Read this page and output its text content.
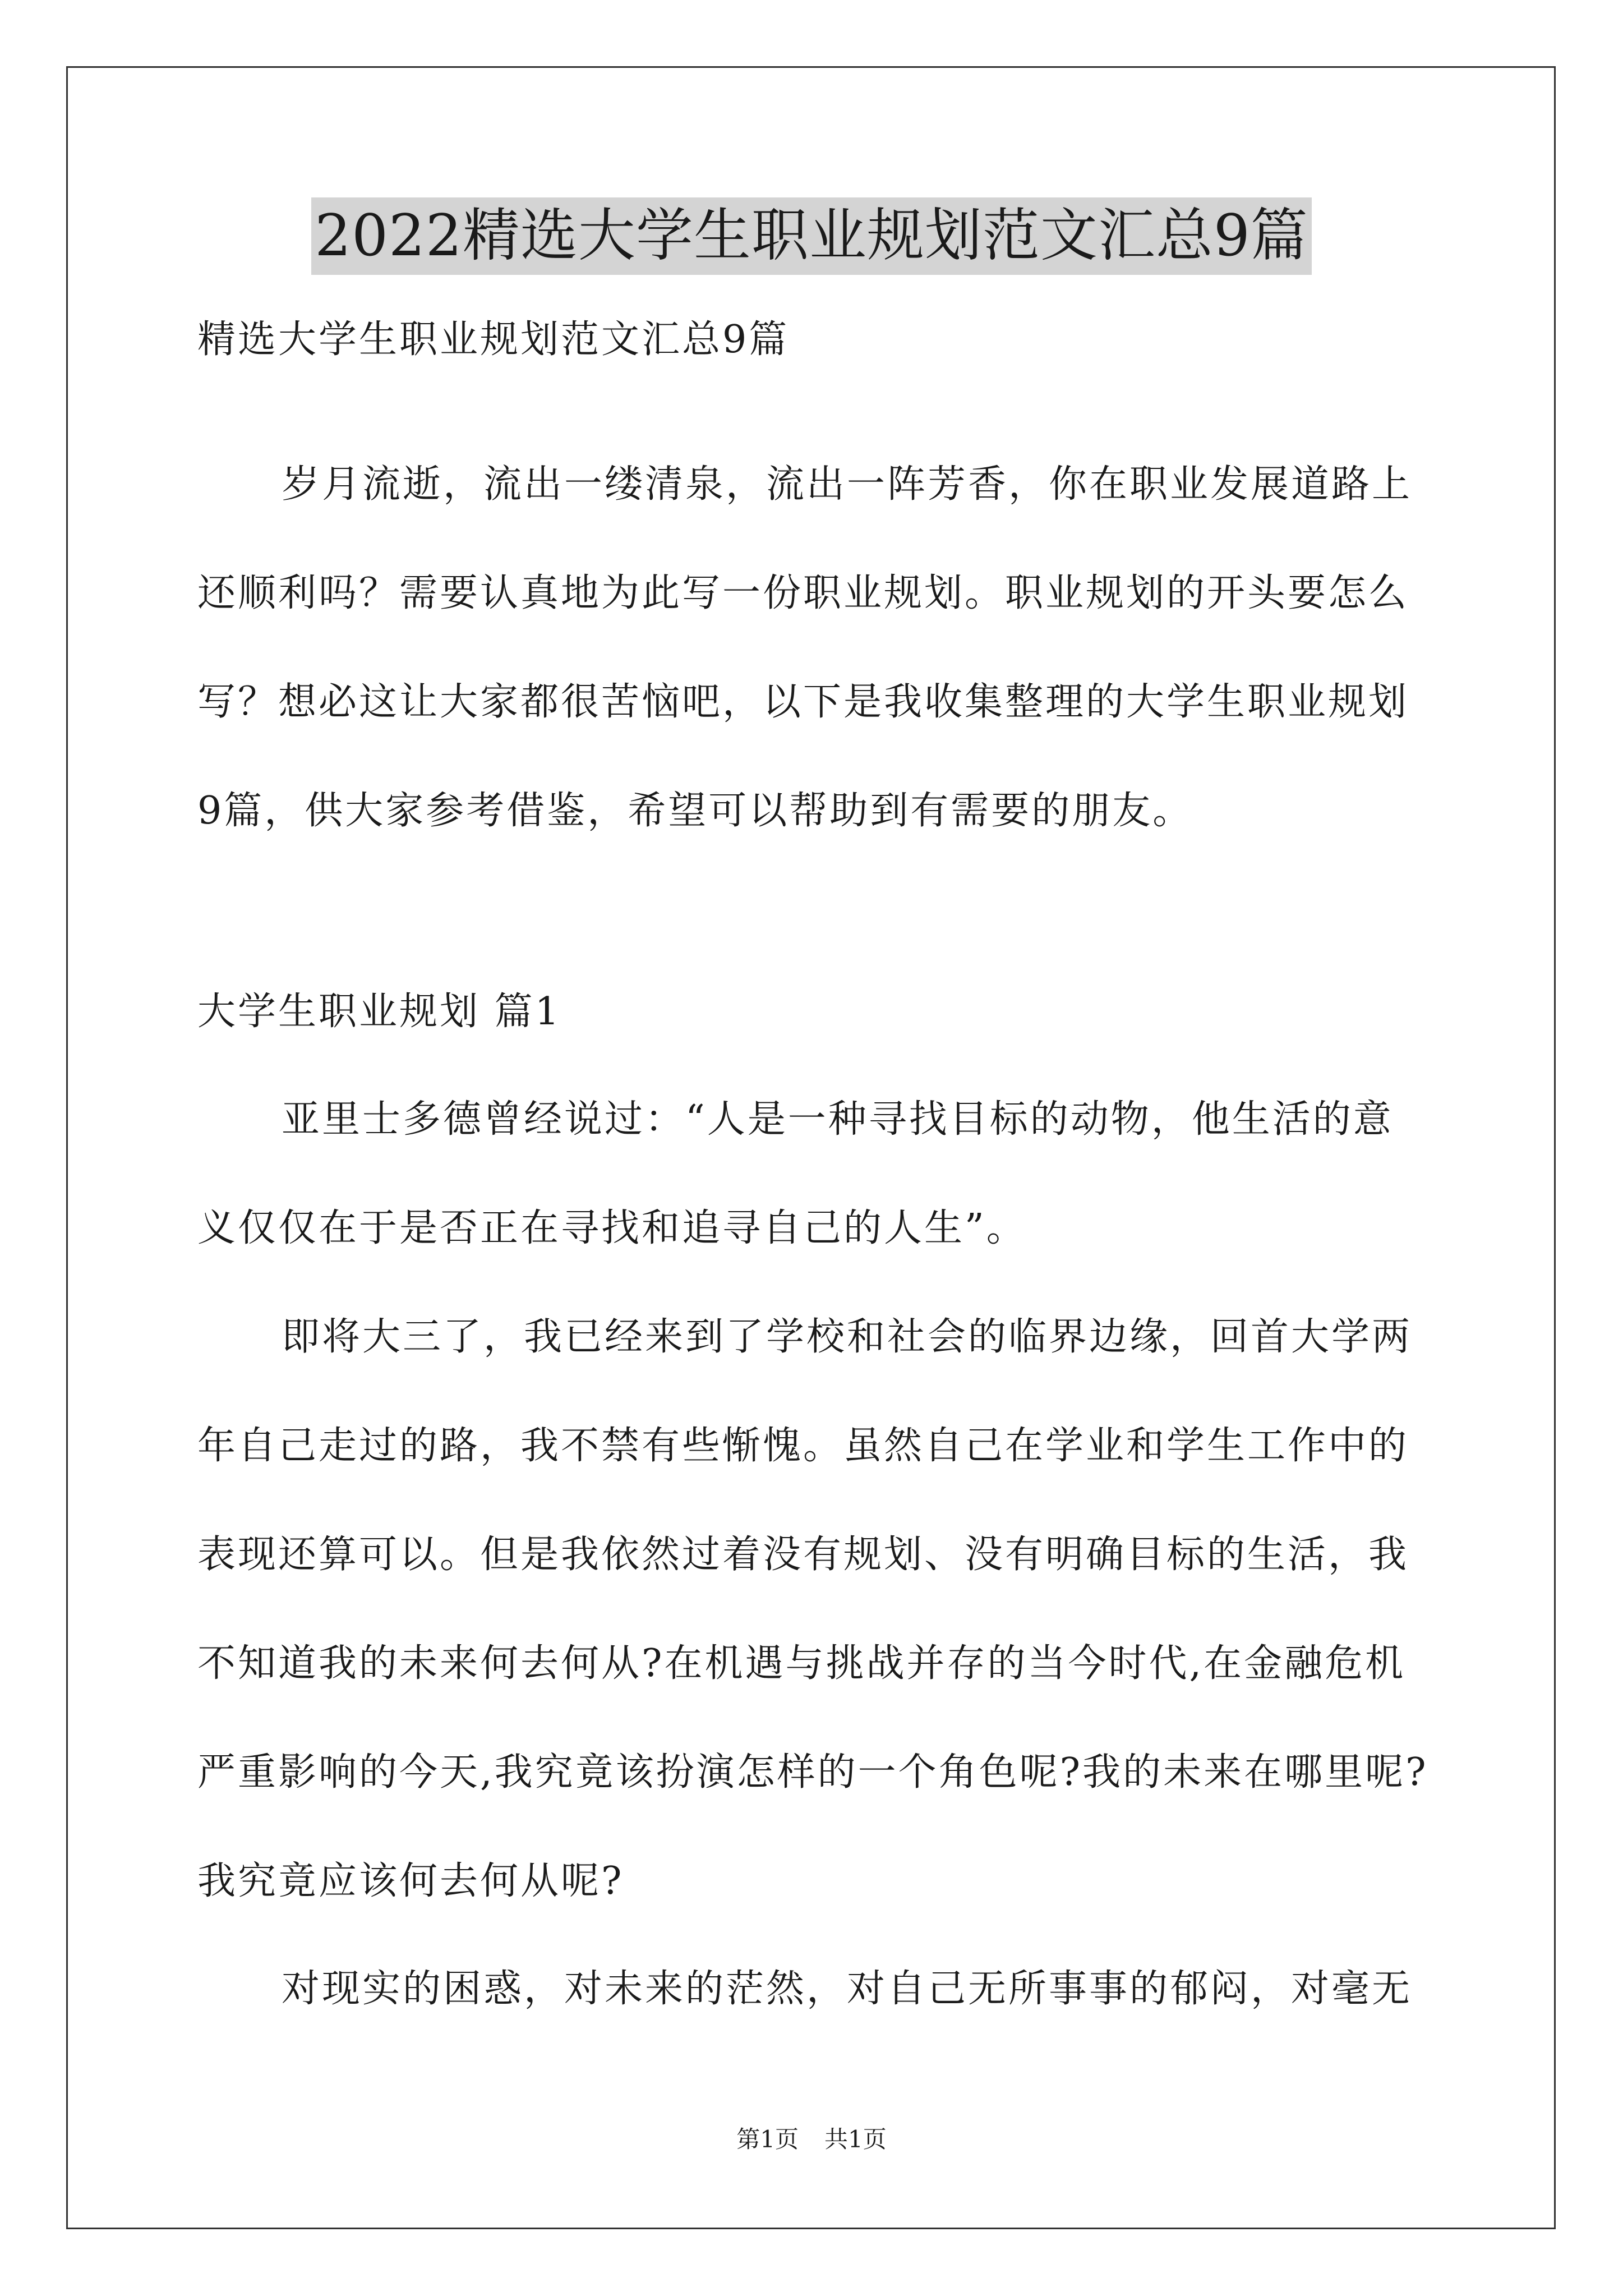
2022精选大学生职业规划范文汇总9篇
精选大学生职业规划范文汇总9篇
岁月流逝，流出一缕清泉，流出一阵芳香，你在职业发展道路上
还顺利吗？需要认真地为此写一份职业规划。职业规划的开头要怎么
写？想必这让大家都很苦恼吧，以下是我收集整理的大学生职业规划
9篇，供大家参考借鉴，希望可以帮助到有需要的朋友。
大学生职业规划 篇1
亚里士多德曾经说过：“人是一种寻找目标的动物，他生活的意
义仅仅在于是否正在寻找和追寻自己的人生”。
即将大三了，我已经来到了学校和社会的临界边缘，回首大学两
年自己走过的路，我不禁有些惭愧。虽然自己在学业和学生工作中的
表现还算可以。但是我依然过着没有规划、没有明确目标的生活，我
不知道我的未来何去何从?在机遇与挑战并存的当今时代,在金融危机
严重影响的今天,我究竟该扮演怎样的一个角色呢?我的未来在哪里呢?
我究竟应该何去何从呢?
对现实的困惑，对未来的茫然，对自己无所事事的郁闷，对毫无
第1页 共1页
